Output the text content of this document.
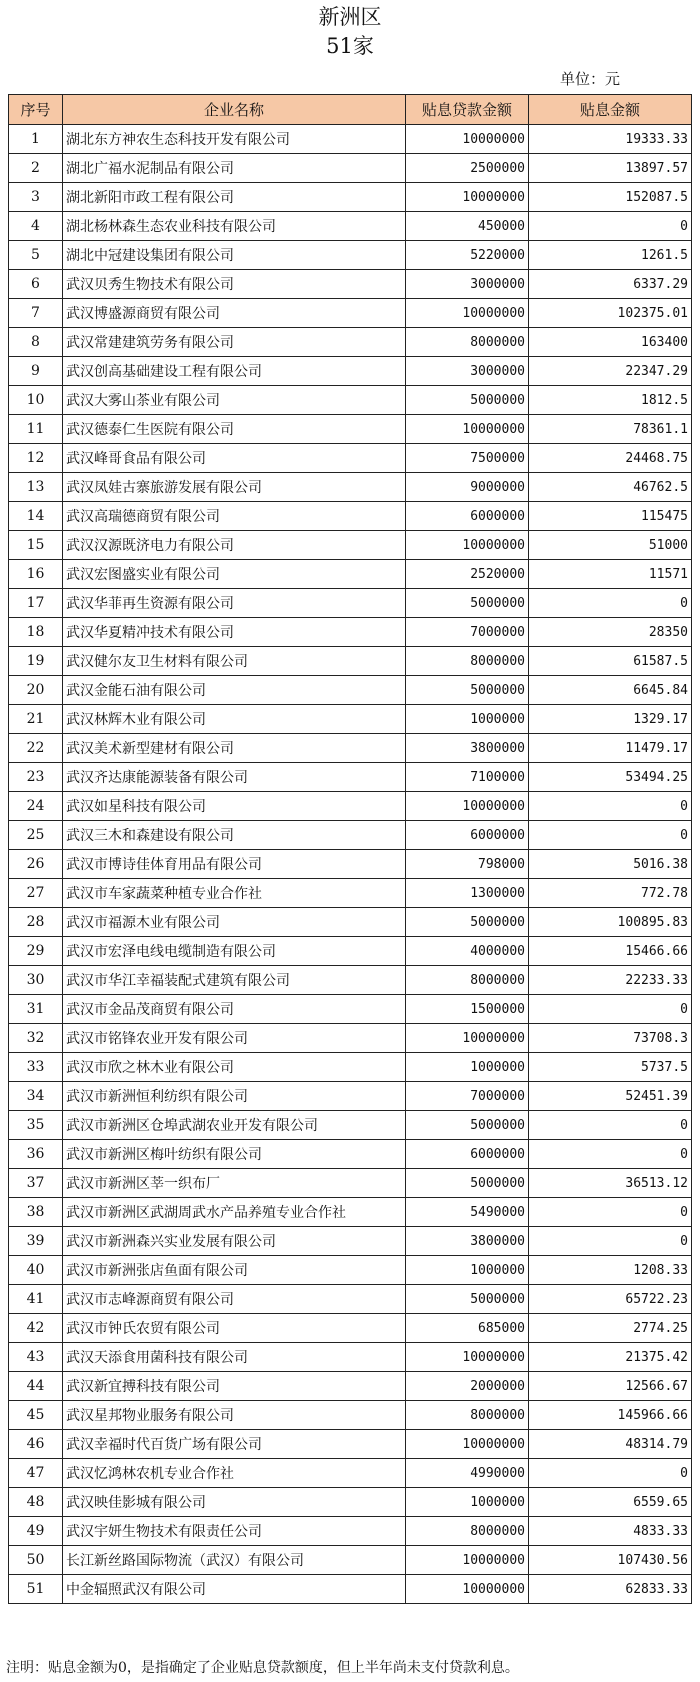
新洲区
51家
单位：元
序号	企业名称	贴息贷款金额	贴息金额
1	湖北东方神农生态科技开发有限公司	10000000	19333.33
2	湖北广福水泥制品有限公司	2500000	13897.57
3	湖北新阳市政工程有限公司	10000000	152087.5
4	湖北杨林森生态农业科技有限公司	450000	0
5	湖北中冠建设集团有限公司	5220000	1261.5
6	武汉贝秀生物技术有限公司	3000000	6337.29
7	武汉博盛源商贸有限公司	10000000	102375.01
8	武汉常建建筑劳务有限公司	8000000	163400
9	武汉创高基础建设工程有限公司	3000000	22347.29
10	武汉大雾山茶业有限公司	5000000	1812.5
11	武汉德泰仁生医院有限公司	10000000	78361.1
12	武汉峰哥食品有限公司	7500000	24468.75
13	武汉凤娃古寨旅游发展有限公司	9000000	46762.5
14	武汉高瑞德商贸有限公司	6000000	115475
15	武汉汉源既济电力有限公司	10000000	51000
16	武汉宏图盛实业有限公司	2520000	11571
17	武汉华菲再生资源有限公司	5000000	0
18	武汉华夏精冲技术有限公司	7000000	28350
19	武汉健尔友卫生材料有限公司	8000000	61587.5
20	武汉金能石油有限公司	5000000	6645.84
21	武汉林辉木业有限公司	1000000	1329.17
22	武汉美术新型建材有限公司	3800000	11479.17
23	武汉齐达康能源装备有限公司	7100000	53494.25
24	武汉如星科技有限公司	10000000	0
25	武汉三木和森建设有限公司	6000000	0
26	武汉市博诗佳体育用品有限公司	798000	5016.38
27	武汉市车家蔬菜种植专业合作社	1300000	772.78
28	武汉市福源木业有限公司	5000000	100895.83
29	武汉市宏泽电线电缆制造有限公司	4000000	15466.66
30	武汉市华江幸福装配式建筑有限公司	8000000	22233.33
31	武汉市金品茂商贸有限公司	1500000	0
32	武汉市铭锋农业开发有限公司	10000000	73708.3
33	武汉市欣之林木业有限公司	1000000	5737.5
34	武汉市新洲恒利纺织有限公司	7000000	52451.39
35	武汉市新洲区仓埠武湖农业开发有限公司	5000000	0
36	武汉市新洲区梅叶纺织有限公司	6000000	0
37	武汉市新洲区莘一织布厂	5000000	36513.12
38	武汉市新洲区武湖周武水产品养殖专业合作社	5490000	0
39	武汉市新洲森兴实业发展有限公司	3800000	0
40	武汉市新洲张店鱼面有限公司	1000000	1208.33
41	武汉市志峰源商贸有限公司	5000000	65722.23
42	武汉市钟氏农贸有限公司	685000	2774.25
43	武汉天添食用菌科技有限公司	10000000	21375.42
44	武汉新宜搏科技有限公司	2000000	12566.67
45	武汉星邦物业服务有限公司	8000000	145966.66
46	武汉幸福时代百货广场有限公司	10000000	48314.79
47	武汉忆鸿林农机专业合作社	4990000	0
48	武汉映佳影城有限公司	1000000	6559.65
49	武汉宇妍生物技术有限责任公司	8000000	4833.33
50	长江新丝路国际物流（武汉）有限公司	10000000	107430.56
51	中金辐照武汉有限公司	10000000	62833.33
注明：贴息金额为0，是指确定了企业贴息贷款额度，但上半年尚未支付贷款利息。
